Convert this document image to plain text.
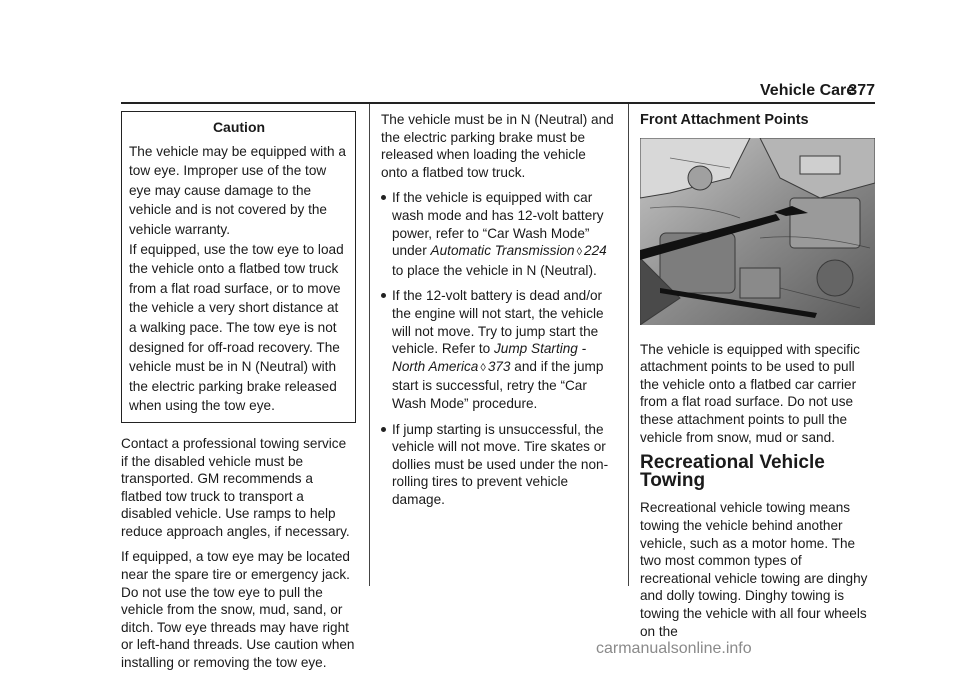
Vehicle Care
377
Caution

The vehicle may be equipped with a tow eye. Improper use of the tow eye may cause damage to the vehicle and is not covered by the vehicle warranty.

If equipped, use the tow eye to load the vehicle onto a flatbed tow truck from a flat road surface, or to move the vehicle a very short distance at a walking pace. The tow eye is not designed for off-road recovery. The vehicle must be in N (Neutral) with the electric parking brake released when using the tow eye.

Contact a professional towing service if the disabled vehicle must be transported. GM recommends a flatbed tow truck to transport a disabled vehicle. Use ramps to help reduce approach angles, if necessary.

If equipped, a tow eye may be located near the spare tire or emergency jack. Do not use the tow eye to pull the vehicle from the snow, mud, sand, or ditch. Tow eye threads may have right or left-hand threads. Use caution when installing or removing the tow eye.

The vehicle must be in N (Neutral) and the electric parking brake must be released when loading the vehicle onto a flatbed tow truck.

If the vehicle is equipped with car wash mode and has 12-volt battery power, refer to “Car Wash Mode” under Automatic Transmission ◊ 224 to place the vehicle in N (Neutral).
If the 12-volt battery is dead and/or the engine will not start, the vehicle will not move. Try to jump start the vehicle. Refer to Jump Starting - North America ◊ 373 and if the jump start is successful, retry the “Car Wash Mode” procedure.
If jump starting is unsuccessful, the vehicle will not move. Tire skates or dollies must be used under the non-rolling tires to prevent vehicle damage.
Front Attachment Points

The vehicle is equipped with specific attachment points to be used to pull the vehicle onto a flatbed car carrier from a flat road surface. Do not use these attachment points to pull the vehicle from snow, mud or sand.

Recreational Vehicle Towing

Recreational vehicle towing means towing the vehicle behind another vehicle, such as a motor home. The two most common types of recreational vehicle towing are dinghy and dolly towing. Dinghy towing is towing the vehicle with all four wheels on the

carmanualsonline.info
